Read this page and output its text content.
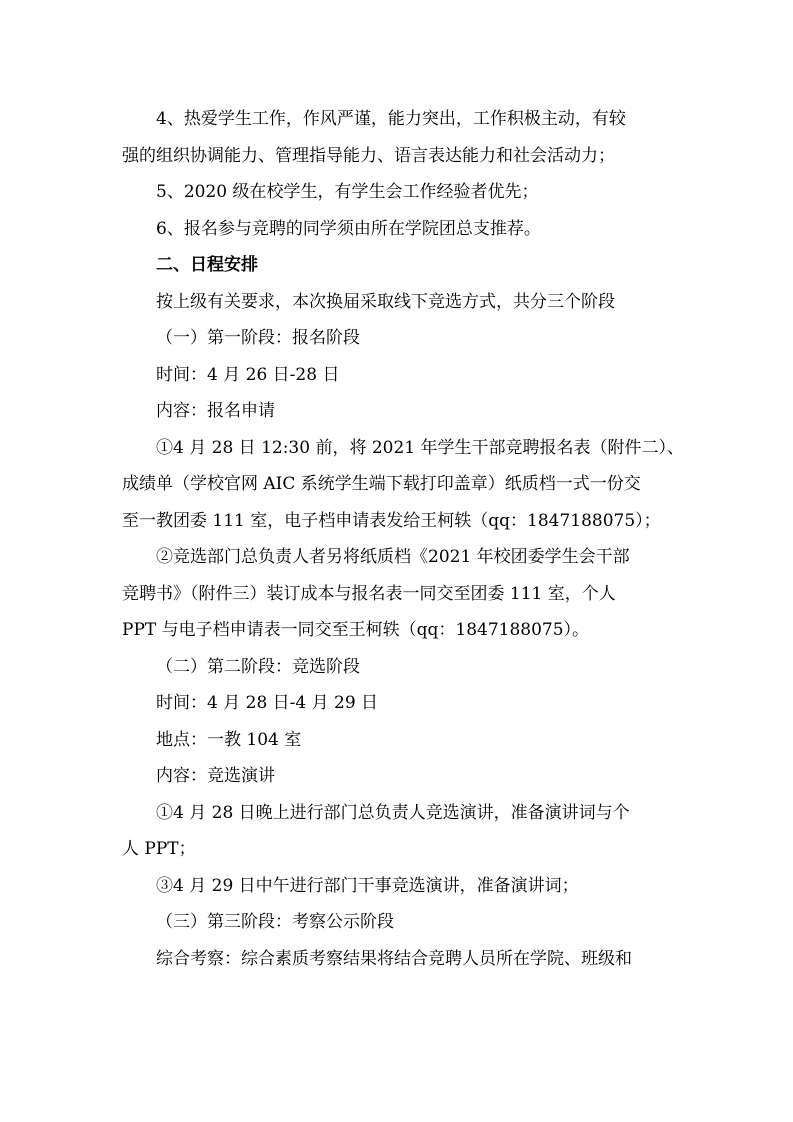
4、热爱学生工作，作风严谨，能力突出，工作积极主动，有较
强的组织协调能力、管理指导能力、语言表达能力和社会活动力；
5、2020 级在校学生，有学生会工作经验者优先；
6、报名参与竞聘的同学须由所在学院团总支推荐。
二、日程安排
按上级有关要求，本次换届采取线下竞选方式，共分三个阶段
（一）第一阶段：报名阶段
时间：4 月 26 日-28 日
内容：报名申请
①4 月 28 日 12:30 前，将 2021 年学生干部竞聘报名表（附件二）、
成绩单（学校官网 AIC 系统学生端下载打印盖章）纸质档一式一份交
至一教团委 111 室，电子档申请表发给王柯轶（qq：1847188075）；
②竞选部门总负责人者另将纸质档《2021 年校团委学生会干部
竞聘书》（附件三）装订成本与报名表一同交至团委 111 室，个人
PPT 与电子档申请表一同交至王柯轶（qq：1847188075）。
（二）第二阶段：竞选阶段
时间：4 月 28 日-4 月 29 日
地点：一教 104 室
内容：竞选演讲
①4 月 28 日晚上进行部门总负责人竞选演讲，准备演讲词与个
人 PPT；
③4 月 29 日中午进行部门干事竞选演讲，准备演讲词；
（三）第三阶段：考察公示阶段
综合考察：综合素质考察结果将结合竞聘人员所在学院、班级和
